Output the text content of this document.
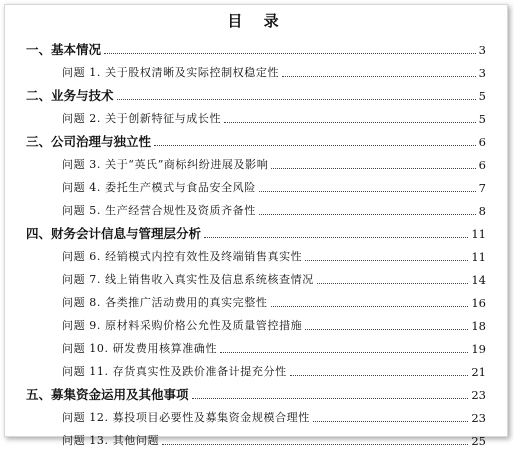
目 录
一、基本情况	3
问题 1. 关于股权清晰及实际控制权稳定性	3
二、业务与技术	5
问题 2. 关于创新特征与成长性	5
三、公司治理与独立性	6
问题 3. 关于“英氏”商标纠纷进展及影响	6
问题 4. 委托生产模式与食品安全风险	7
问题 5. 生产经营合规性及资质齐备性	8
四、财务会计信息与管理层分析	11
问题 6. 经销模式内控有效性及终端销售真实性	11
问题 7. 线上销售收入真实性及信息系统核查情况	14
问题 8. 各类推广活动费用的真实完整性	16
问题 9. 原材料采购价格公允性及质量管控措施	18
问题 10. 研发费用核算准确性	19
问题 11. 存货真实性及跌价准备计提充分性	21
五、募集资金运用及其他事项	23
问题 12. 募投项目必要性及募集资金规模合理性	23
问题 13. 其他问题	25
